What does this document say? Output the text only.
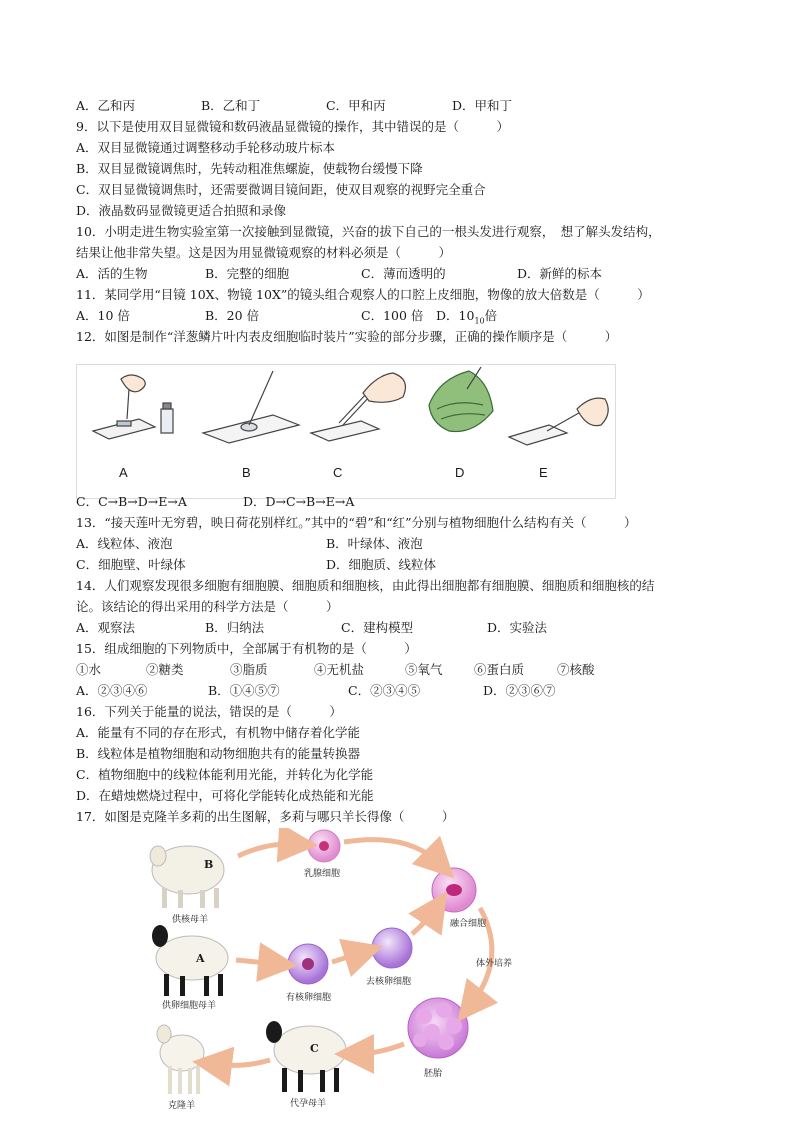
A．乙和丙	B．乙和丁	C．甲和丙	D．甲和丁
9．以下是使用双目显微镜和数码液晶显微镜的操作，其中错误的是（　　　）
A．双目显微镜通过调整移动手轮移动玻片标本
B．双目显微镜调焦时，先转动粗准焦螺旋，使载物台缓慢下降
C．双目显微镜调焦时，还需要微调目镜间距，使双目观察的视野完全重合
D．液晶数码显微镜更适合拍照和录像
10．小明走进生物实验室第一次接触到显微镜，兴奋的拔下自己的一根头发进行观察，　想了解头发结构，
结果让他非常失望。这是因为用显微镜观察的材料必须是（　　　）
A．活的生物	B．完整的细胞	C．薄而透明的	D．新鲜的标本
11．某同学用“目镜 10X、物镜 10X”的镜头组合观察人的口腔上皮细胞，物像的放大倍数是（　　　）
A．10 倍	B．20 倍	C．100 倍 D．$10_{10}$倍
12．如图是制作“洋葱鳞片叶内表皮细胞临时装片”实验的部分步骤，正确的操作顺序是（　　　）
A	B	C	D	E
C．C→B→D→E→A	D．D→C→B→E→A
13．“接天莲叶无穷碧，映日荷花别样红。”其中的“碧”和“红”分别与植物细胞什么结构有关（　　　）
A．线粒体、液泡	B．叶绿体、液泡
C．细胞壁、叶绿体	D．细胞质、线粒体
14．人们观察发现很多细胞有细胞膜、细胞质和细胞核，由此得出细胞都有细胞膜、细胞质和细胞核的结
论。该结论的得出采用的科学方法是（　　　）
A．观察法	B．归纳法	C．建构模型	D．实验法
15．组成细胞的下列物质中，全部属于有机物的是（　　　）
①水	②糖类	③脂质	④无机盐	⑤氧气	⑥蛋白质	⑦核酸
A．②③④⑥	B．①④⑤⑦	C．②③④⑤	D．②③⑥⑦
16．下列关于能量的说法，错误的是（　　　）
A．能量有不同的存在形式，有机物中储存着化学能
B．线粒体是植物细胞和动物细胞共有的能量转换器
C．植物细胞中的线粒体能利用光能，并转化为化学能
D．在蜡烛燃烧过程中，可将化学能转化成热能和光能
17．如图是克隆羊多莉的出生图解，多莉与哪只羊长得像（　　　）
B
供核母羊
乳腺细胞
融合细胞
A
供卵细胞母羊
有核卵细胞
去核卵细胞
体外培养
胚胎
C
代孕母羊
克隆羊
